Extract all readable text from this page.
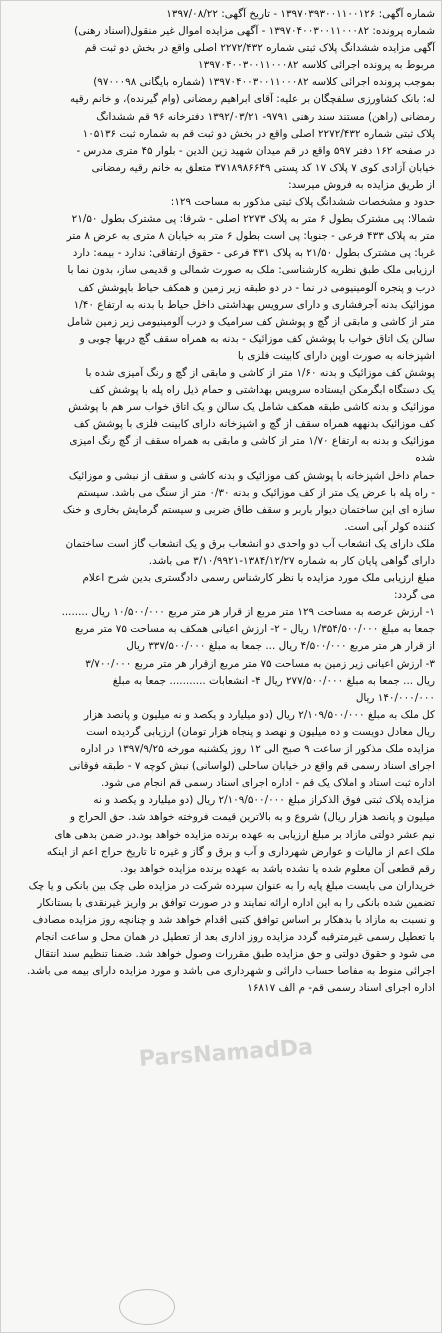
ParsNamadDa

شماره آگهی: ۱۳۹۷۰۳۹۳۰۰۱۱۰۰۱۲۶ - تاریخ آگهی: ۱۳۹۷/۰۸/۲۲

شماره پرونده: ۱۳۹۷۰۴۰۰۳۰۰۱۱۰۰۰۸۲ - آگهی مزایده اموال غیر منقول(اسناد رهنی)

آگهی مزایده ششدانگ پلاک ثبتی شماره ۲۲۷۲/۴۳۲ اصلی واقع در بخش دو ثبت قم

مربوط به پرونده اجرائی کلاسه ۱۳۹۷۰۴۰۰۳۰۰۱۱۰۰۰۸۲

بموجب پرونده اجرائی کلاسه ۱۳۹۷۰۴۰۰۳۰۰۱۱۰۰۰۸۲ (شماره بایگانی ۹۷۰۰۰۹۸)

له: بانک کشاورزی سلفچگان بر علیه: آقای ابراهیم رمضانی (وام گیرنده)، و خانم رقیه

رمضانی (راهن) مستند سند رهنی ۹۷۹۱- ۱۳۹۲/۰۳/۲۱ دفترخانه ۹۶ قم ششدانگ

پلاک ثبتی شماره ۲۲۷۲/۴۳۲ اصلی واقع در بخش دو ثبت قم به شماره ثبت ۱۰۵۱۳۶

در صفحه ۱۶۲ دفتر ۵۹۷ واقع در قم میدان شهید زین الدین - بلوار ۴۵ متری مدرس -

خیابان آزادی کوی ۷ پلاک ۱۷ کد پستی ۳۷۱۸۹۸۶۶۴۹ متعلق به خانم رقیه رمضانی

از طریق مزایده به فروش میرسد:

حدود و مشخصات ششدانگ پلاک ثبتی مذکور به مساحت ۱۲۹:

شمالا: پی مشترک بطول ۶ متر به پلاک ۲۲۷۳ اصلی - شرقا: پی مشترک بطول ۲۱/۵۰

متر به پلاک ۴۳۳ فرعی - جنوبا: پی است بطول ۶ متر به خیابان ۸ متری به عرض ۸ متر

غربا: پی مشترک بطول ۲۱/۵۰ به پلاک ۴۳۱ فرعی - حقوق ارتفاقی: ندارد - بیمه: دارد

ارزیابی ملک طبق نظریه کارشناسی: ملک به صورت شمالی و قدیمی ساز، بدون نما با

درب و پنجره آلومینیومی در نما - در دو طبقه زیر زمین و همکف حیاط باپوشش کف

موزائیک بدنه آجرفشاری و دارای سرویس بهداشتی داخل حیاط با بدنه به ارتفاع ۱/۴۰

متر از کاشی و مابقی از گچ و پوشش کف سرامیک و درب آلومینیومی زیر زمین شامل

سالن یک اتاق خواب با پوشش کف موزائیک - بدنه به همراه سقف گچ دربها چوبی و

اشپزخانه به صورت اوپن دارای کابینت فلزی با

پوشش کف موزائیک و بدنه ۱/۶۰ متر از کاشی و مابقی از گچ و رنگ آمیزی شده با

یک دستگاه ابگرمکن ایستاده سرویس بهداشتی و حمام ذیل راه پله با پوشش کف

موزائیک و بدنه کاشی طبقه همکف شامل یک سالن و یک اتاق خواب سر هم با پوشش

کف موزائیک بدنههه همراه سقف از گچ و اشپزخانه دارای کابینت فلزی با پوشش کف

موزائیک و بدنه به ارتفاع ۱/۷۰ متر از کاشی و مابقی به همراه سقف از گچ رنگ امیزی

شده

حمام داخل اشپزخانه با پوشش کف موزائیک و بدنه کاشی و سقف از نبشی و موزائیک

- راه پله با عرض یک متر از کف موزائیک و بدنه ۰/۳۰ متر از سنگ می باشد. سیستم

سازه ای این ساختمان دیوار باربر و سقف طاق ضربی و سیستم گرمایش بخاری و خنک

کننده کولر آبی است.

ملک دارای یک انشعاب آب دو واحدی دو انشعاب برق و یک انشعاب گاز است ساختمان

دارای گواهی پایان کار به شماره ۱۳۸۴/۱۲/۲۷-۳/۱۰/۹۹۲۱ می باشد.

مبلغ ارزیابی ملک مورد مزایده با نظر کارشناس رسمی دادگستری بدین شرح اعلام

می گردد:

۱- ارزش عرصه به مساحت ۱۲۹ متر مربع از قرار هر متر مربع ۱۰/۵۰۰/۰۰۰ ریال ........

جمعا به مبلغ ۱/۳۵۴/۵۰۰/۰۰۰ ریال - ۲- ارزش اعیانی همکف به مساحت ۷۵ متر مربع

از قرار هر متر مربع ۴/۵۰۰/۰۰۰ ریال ... جمعا به مبلغ ۳۳۷/۵۰۰/۰۰۰ ریال

۳- ارزش اعیانی زیر زمین به مساحت ۷۵ متر مربع ازقرار هر متر مربع ۳/۷۰۰/۰۰۰

ریال ... جمعا به مبلغ ۲۷۷/۵۰۰/۰۰۰ ریال ۴- انشعابات ........... جمعا به مبلغ

۱۴۰/۰۰۰/۰۰۰ ریال

کل ملک به مبلغ ۲/۱۰۹/۵۰۰/۰۰۰ ریال (دو میلیارد و یکصد و نه میلیون و پانصد هزار

ریال معادل دویست و ده میلیون و نهصد و پنجاه هزار تومان) ارزیابی گردیده است

مزایده ملک مذکور از ساعت ۹ صبح الی ۱۲ روز یکشنبه مورخه ۱۳۹۷/۹/۲۵ در اداره

اجرای اسناد رسمی قم واقع در خیابان ساحلی (لواسانی) نبش کوچه ۷ - طبقه فوقانی

اداره ثبت اسناد و املاک یک قم - اداره اجرای اسناد رسمی قم انجام می شود.

مزایده پلاک ثبتی فوق الذکراز مبلغ ۲/۱۰۹/۵۰۰/۰۰۰ ریال (دو میلیارد و یکصد و نه

میلیون و پانصد هزار ریال) شروع و به بالاترین قیمت فروخته خواهد شد. حق الحراج و

نیم عشر دولتی مازاد بر مبلغ ارزیابی به عهده برنده مزایده خواهد بود.در ضمن بدهی های

ملک اعم از مالیات و عوارض شهرداری و آب و برق و گاز و غیره تا تاریخ حراج اعم از اینکه

رقم قطعی آن معلوم شده یا نشده باشد به عهده برنده مزایده خواهد بود.

خریداران می بایست مبلغ پایه را به عنوان سپرده شرکت در مزایده طی چک بین بانکی و یا چک

تضمین شده بانکی را به این اداره ارائه نمایند و در صورت توافق بر واریز غیرنقدی با بستانکار

و نسبت به مازاد با بدهکار بر اساس توافق کتبی اقدام خواهد شد و چنانچه روز مزایده مصادف

با تعطیل رسمی غیرمترقبه گردد مزایده روز اداری بعد از تعطیل در همان محل و ساعت انجام

می شود و حقوق دولتی و حق مزایده طبق مقررات وصول خواهد شد. ضمنا تنظیم سند انتقال

اجرائی منوط به مفاصا حساب دارائی و شهرداری می باشد و مورد مزایده دارای بیمه می باشد.

اداره اجرای اسناد رسمی قم- م الف ۱۶۸۱۷
